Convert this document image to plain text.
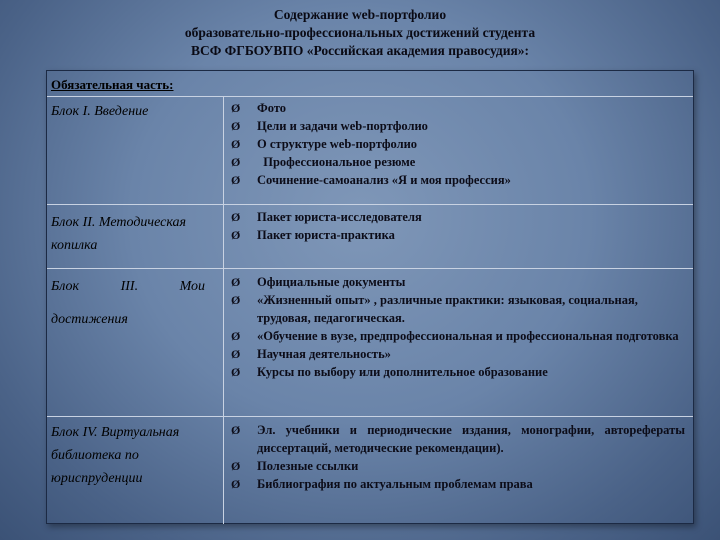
Содержание web-портфолио
образовательно-профессиональных достижений студента
ВСФ ФГБОУВПО «Российская академия правосудия»:
Обязательная часть:
Блок I. Введение	Ø Фото
Ø Цели и задачи web-портфолио
Ø О структуре web-портфолио
Ø Профессиональное резюме
Ø Сочинение-самоанализ «Я и моя профессия»
Блок II. Методическая копилка
Ø Пакет юриста-исследователя
Ø Пакет юриста-практика
Блок III. Мои
достижения
Ø Официальные документы
Ø «Жизненный опыт» , различные практики: языковая, социальная, трудовая, педагогическая.
Ø «Обучение в вузе, предпрофессиональная и профессиональная подготовка
Ø Научная деятельность»
Ø Курсы по выбору или дополнительное образование
Блок IV. Виртуальная библиотека по юриспруденции
Ø Эл. учебники и периодические издания, монографии, авторефераты диссертаций, методические рекомендации).
Ø Полезные ссылки
Ø Библиография по актуальным проблемам права
